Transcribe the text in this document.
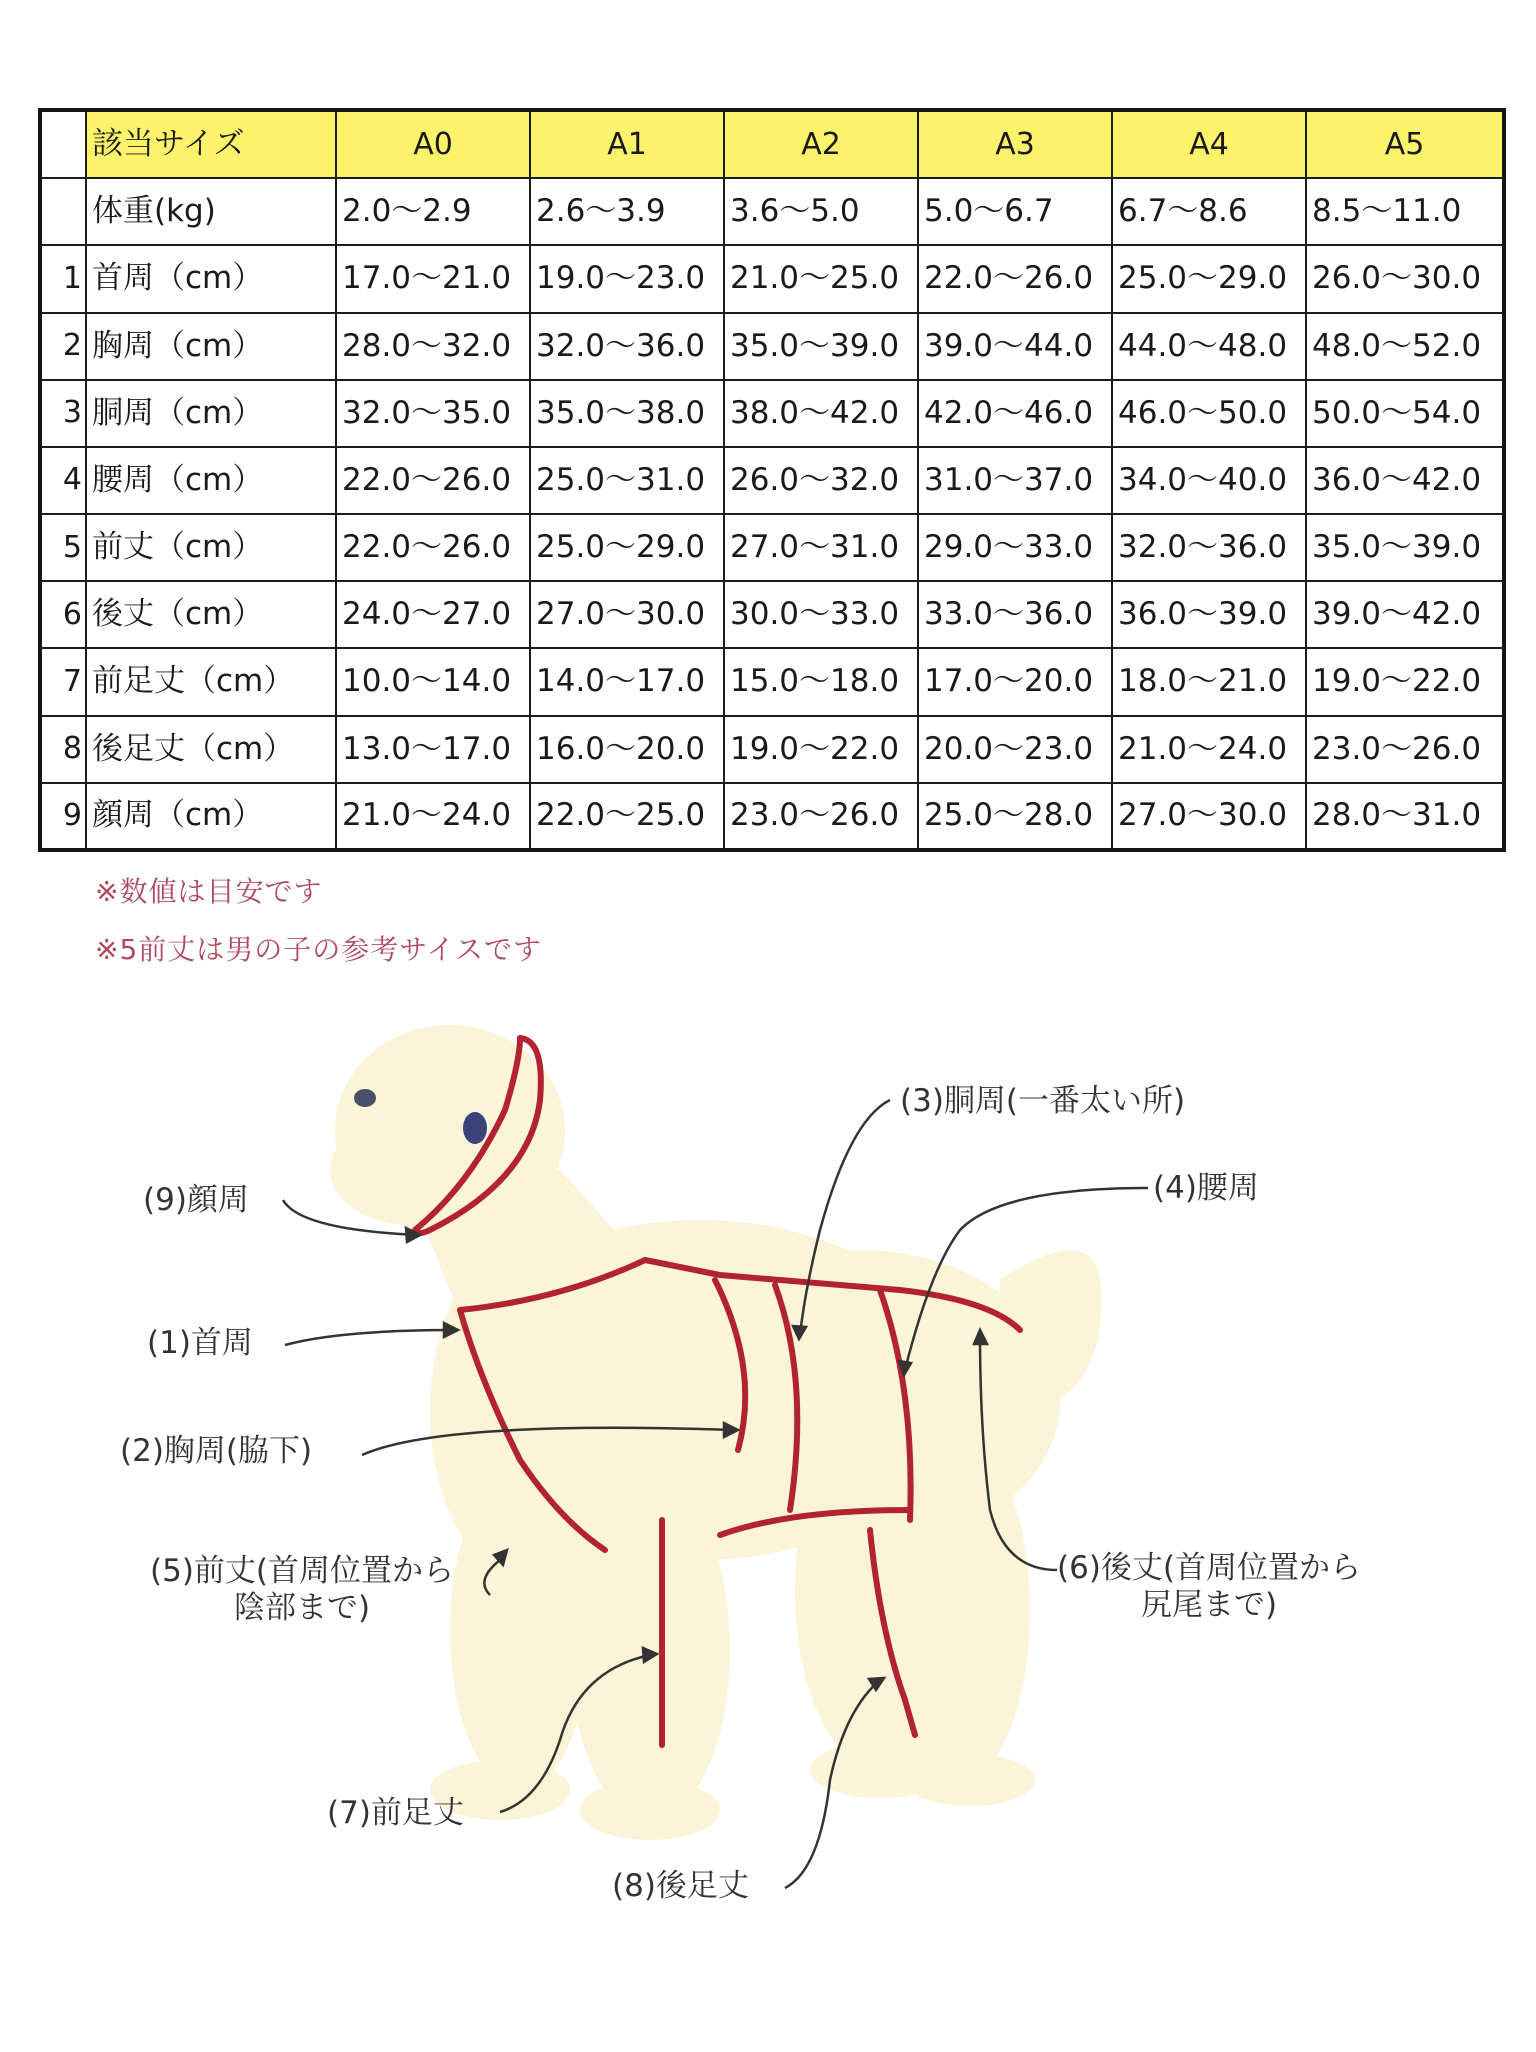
	該当サイズ	A0	A1	A2	A3	A4	A5
	体重(kg)	2.0〜2.9	2.6〜3.9	3.6〜5.0	5.0〜6.7	6.7〜8.6	8.5〜11.0
1	首周（cm）	17.0〜21.0	19.0〜23.0	21.0〜25.0	22.0〜26.0	25.0〜29.0	26.0〜30.0
2	胸周（cm）	28.0〜32.0	32.0〜36.0	35.0〜39.0	39.0〜44.0	44.0〜48.0	48.0〜52.0
3	胴周（cm）	32.0〜35.0	35.0〜38.0	38.0〜42.0	42.0〜46.0	46.0〜50.0	50.0〜54.0
4	腰周（cm）	22.0〜26.0	25.0〜31.0	26.0〜32.0	31.0〜37.0	34.0〜40.0	36.0〜42.0
5	前丈（cm）	22.0〜26.0	25.0〜29.0	27.0〜31.0	29.0〜33.0	32.0〜36.0	35.0〜39.0
6	後丈（cm）	24.0〜27.0	27.0〜30.0	30.0〜33.0	33.0〜36.0	36.0〜39.0	39.0〜42.0
7	前足丈（cm）	10.0〜14.0	14.0〜17.0	15.0〜18.0	17.0〜20.0	18.0〜21.0	19.0〜22.0
8	後足丈（cm）	13.0〜17.0	16.0〜20.0	19.0〜22.0	20.0〜23.0	21.0〜24.0	23.0〜26.0
9	顔周（cm）	21.0〜24.0	22.0〜25.0	23.0〜26.0	25.0〜28.0	27.0〜30.0	28.0〜31.0
※数値は目安です
※5前丈は男の子の参考サイスです
(9)顔周
(1)首周
(2)胸周(脇下)
(5)前丈(首周位置から
陰部まで)
(7)前足丈
(3)胴周(一番太い所)
(4)腰周
(6)後丈(首周位置から
尻尾まで)
(8)後足丈
